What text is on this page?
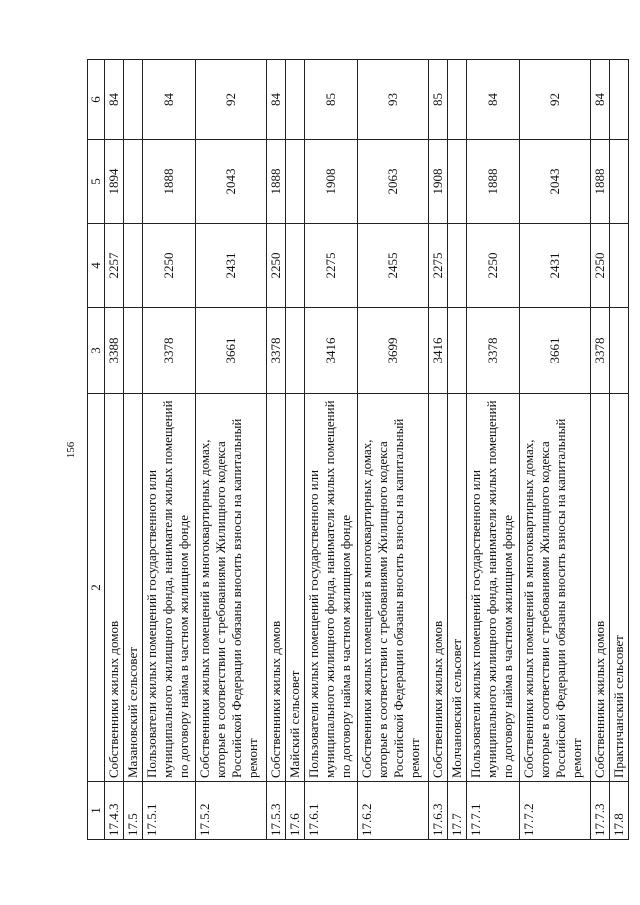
156
1	2	3	4	5	6
17.4.3	Собственники жилых домов	3388	2257	1894	84
17.5	Мазановский сельсовет				
17.5.1	Пользователи жилых помещений государственного или муниципального жилищного фонда, наниматели жилых помещений по договору найма в частном жилищном фонде	3378	2250	1888	84
17.5.2	Собственники жилых помещений в многоквартирных домах, которые в соответствии с требованиями Жилищного кодекса Российской Федерации обязаны вносить взносы на капитальный ремонт	3661	2431	2043	92
17.5.3	Собственники жилых домов	3378	2250	1888	84
17.6	Майский сельсовет				
17.6.1	Пользователи жилых помещений государственного или муниципального жилищного фонда, наниматели жилых помещений по договору найма в частном жилищном фонде	3416	2275	1908	85
17.6.2	Собственники жилых помещений в многоквартирных домах, которые в соответствии с требованиями Жилищного кодекса Российской Федерации обязаны вносить взносы на капитальный ремонт	3699	2455	2063	93
17.6.3	Собственники жилых домов	3416	2275	1908	85
17.7	Молчановский сельсовет				
17.7.1	Пользователи жилых помещений государственного или муниципального жилищного фонда, наниматели жилых помещений по договору найма в частном жилищном фонде	3378	2250	1888	84
17.7.2	Собственники жилых помещений в многоквартирных домах, которые в соответствии с требованиями Жилищного кодекса Российской Федерации обязаны вносить взносы на капитальный ремонт	3661	2431	2043	92
17.7.3	Собственники жилых домов	3378	2250	1888	84
17.8	Практичанский сельсовет				
